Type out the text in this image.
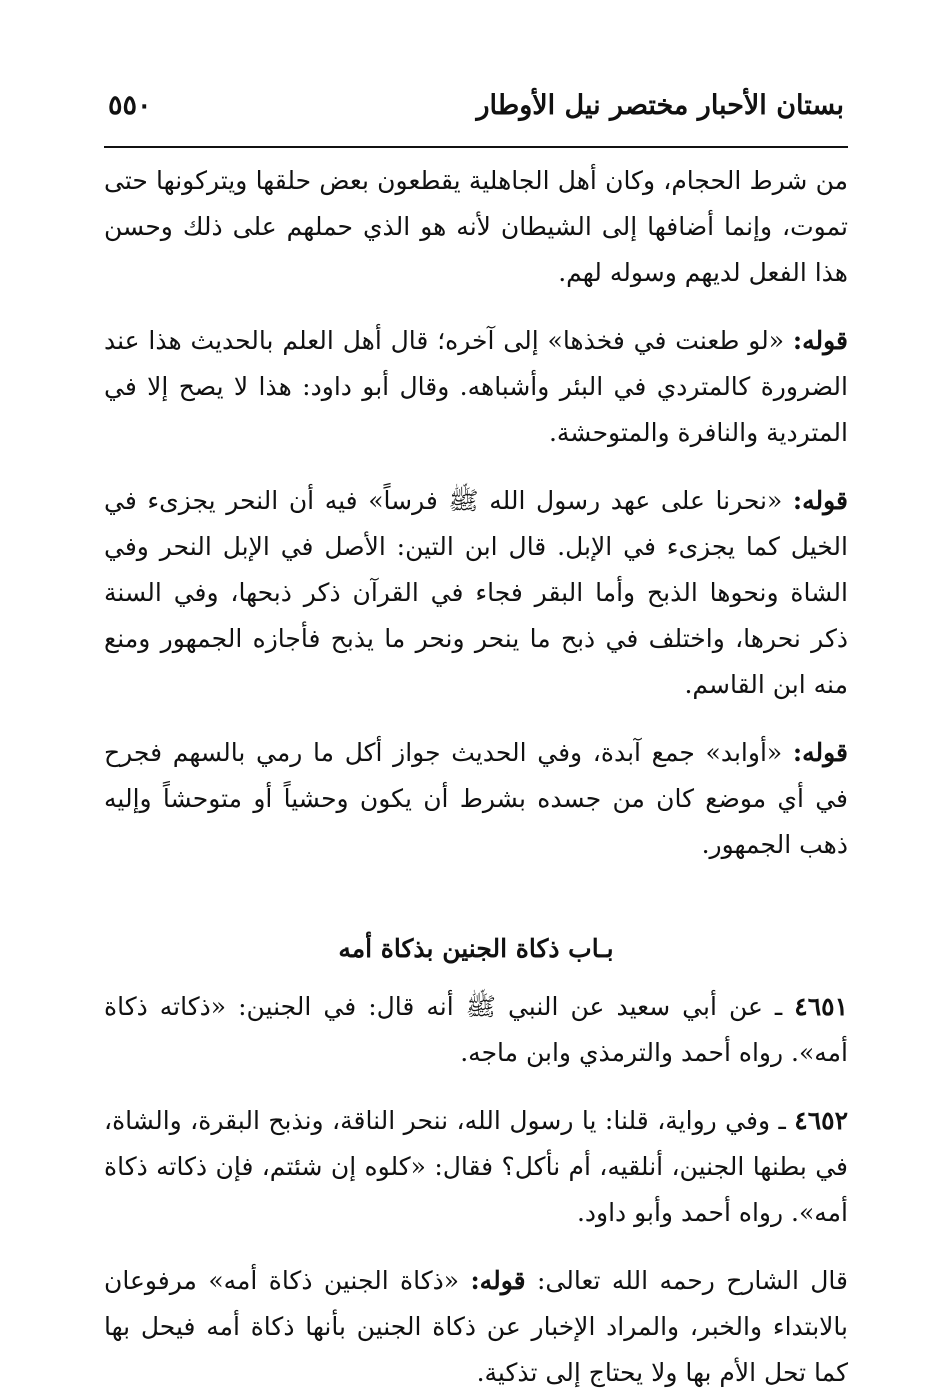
بستان الأحبار مختصر نيل الأوطار
٥٥٠

من شرط الحجام، وكان أهل الجاهلية يقطعون بعض حلقها ويتركونها حتى تموت، وإنما أضافها إلى الشيطان لأنه هو الذي حملهم على ذلك وحسن هذا الفعل لديهم وسوله لهم.

قوله: «لو طعنت في فخذها» إلى آخره؛ قال أهل العلم بالحديث هذا عند الضرورة كالمتردي في البئر وأشباهه. وقال أبو داود: هذا لا يصح إلا في المتردية والنافرة والمتوحشة.

قوله: «نحرنا على عهد رسول الله ﷺ فرساً» فيه أن النحر يجزىء في الخيل كما يجزىء في الإبل. قال ابن التين: الأصل في الإبل النحر وفي الشاة ونحوها الذبح وأما البقر فجاء في القرآن ذكر ذبحها، وفي السنة ذكر نحرها، واختلف في ذبح ما ينحر ونحر ما يذبح فأجازه الجمهور ومنع منه ابن القاسم.

قوله: «أوابد» جمع آبدة، وفي الحديث جواز أكل ما رمي بالسهم فجرح في أي موضع كان من جسده بشرط أن يكون وحشياً أو متوحشاً وإليه ذهب الجمهور.

بـاب ذكاة الجنين بذكاة أمه

٤٦٥١ ـ عن أبي سعيد عن النبي ﷺ أنه قال: في الجنين: «ذكاته ذكاة أمه». رواه أحمد والترمذي وابن ماجه.

٤٦٥٢ ـ وفي رواية، قلنا: يا رسول الله، ننحر الناقة، ونذبح البقرة، والشاة، في بطنها الجنين، أنلقيه، أم نأكل؟ فقال: «كلوه إن شئتم، فإن ذكاته ذكاة أمه». رواه أحمد وأبو داود.

قال الشارح رحمه الله تعالى: قوله: «ذكاة الجنين ذكاة أمه» مرفوعان بالابتداء والخبر، والمراد الإخبار عن ذكاة الجنين بأنها ذكاة أمه فيحل بها كما تحل الأم بها ولا يحتاج إلى تذكية.
